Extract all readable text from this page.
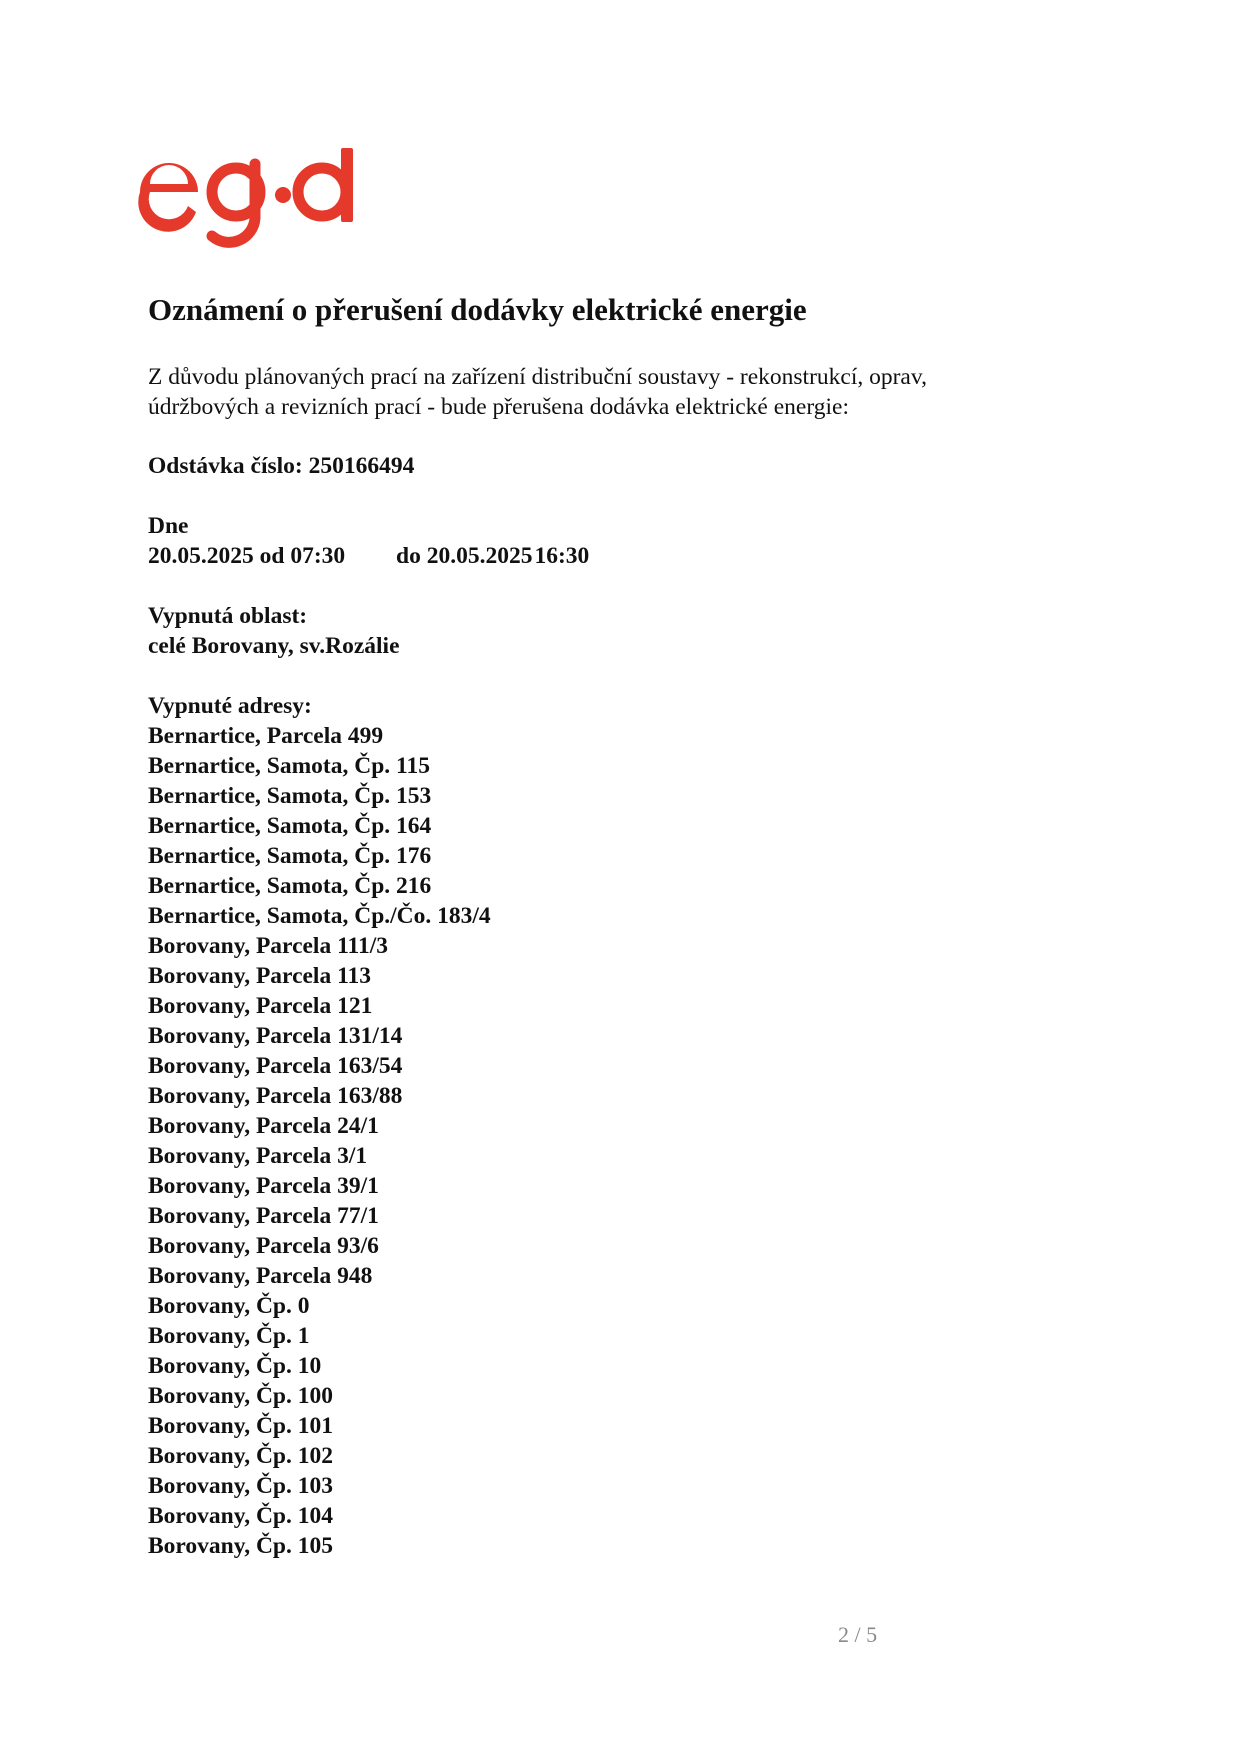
Oznámení o přerušení dodávky elektrické energie

Z důvodu plánovaných prací na zařízení distribuční soustavy - rekonstrukcí, oprav,
údržbových a revizních prací - bude přerušena dodávka elektrické energie:

Odstávka číslo: 250166494
Dne
20.05.2025 od 07:30 do 20.05.202516:30
Vypnutá oblast:
celé Borovany, sv.Rozálie
Vypnuté adresy:
Bernartice, Parcela 499
Bernartice, Samota, Čp. 115
Bernartice, Samota, Čp. 153
Bernartice, Samota, Čp. 164
Bernartice, Samota, Čp. 176
Bernartice, Samota, Čp. 216
Bernartice, Samota, Čp./Čo. 183/4
Borovany, Parcela 111/3
Borovany, Parcela 113
Borovany, Parcela 121
Borovany, Parcela 131/14
Borovany, Parcela 163/54
Borovany, Parcela 163/88
Borovany, Parcela 24/1
Borovany, Parcela 3/1
Borovany, Parcela 39/1
Borovany, Parcela 77/1
Borovany, Parcela 93/6
Borovany, Parcela 948
Borovany, Čp. 0
Borovany, Čp. 1
Borovany, Čp. 10
Borovany, Čp. 100
Borovany, Čp. 101
Borovany, Čp. 102
Borovany, Čp. 103
Borovany, Čp. 104
Borovany, Čp. 105
2 / 5
